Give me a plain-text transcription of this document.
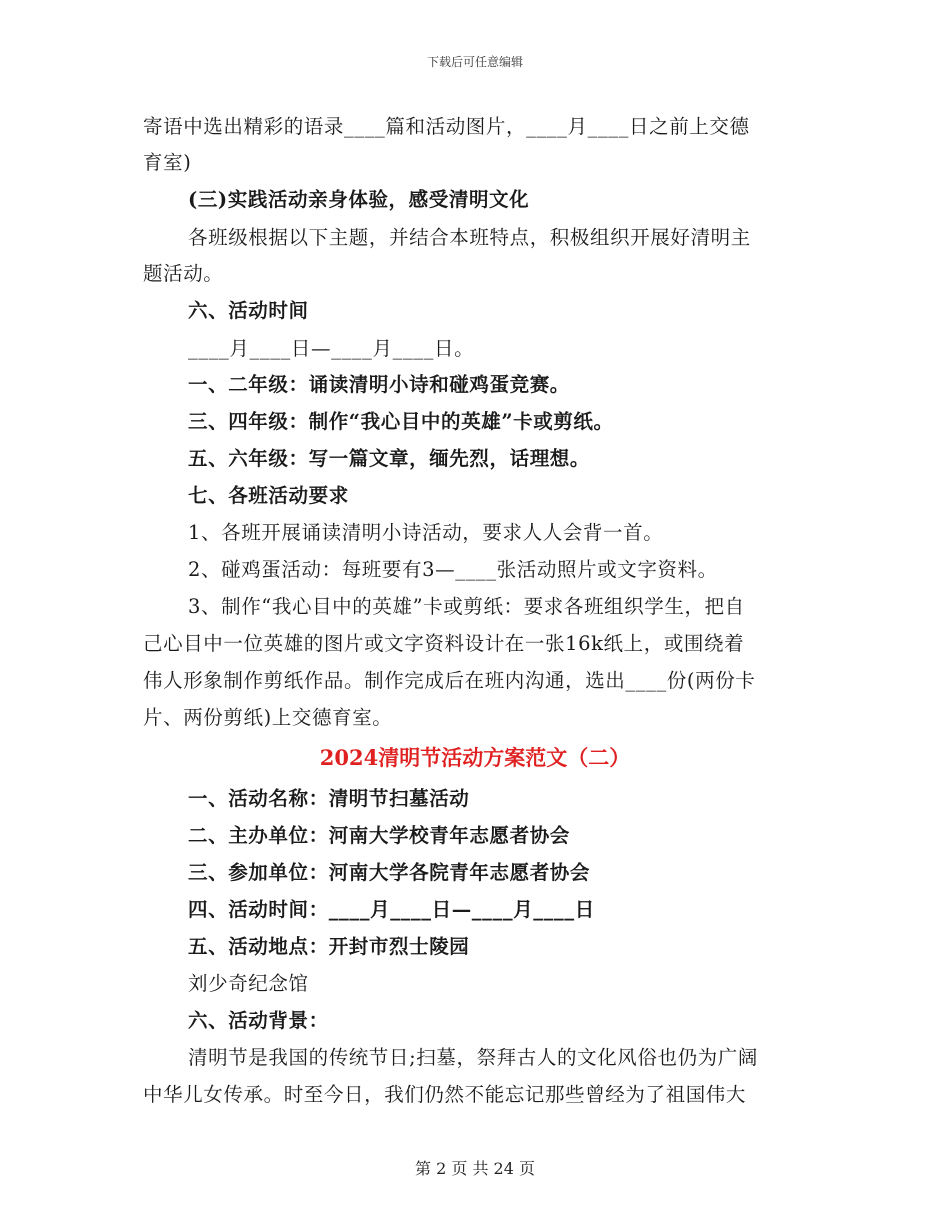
下载后可任意编辑
寄语中选出精彩的语录____篇和活动图片，____月____日之前上交德
育室)
(三)实践活动亲身体验，感受清明文化
各班级根据以下主题，并结合本班特点，积极组织开展好清明主
题活动。
六、活动时间
____月____日—____月____日。
一、二年级：诵读清明小诗和碰鸡蛋竞赛。
三、四年级：制作“我心目中的英雄”卡或剪纸。
五、六年级：写一篇文章，缅先烈，话理想。
七、各班活动要求
1、各班开展诵读清明小诗活动，要求人人会背一首。
2、碰鸡蛋活动：每班要有3—____张活动照片或文字资料。
3、制作“我心目中的英雄”卡或剪纸：要求各班组织学生，把自
己心目中一位英雄的图片或文字资料设计在一张16k纸上，或围绕着
伟人形象制作剪纸作品。制作完成后在班内沟通，选出____份(两份卡
片、两份剪纸)上交德育室。
2024清明节活动方案范文（二）
一、活动名称：清明节扫墓活动
二、主办单位：河南大学校青年志愿者协会
三、参加单位：河南大学各院青年志愿者协会
四、活动时间：____月____日—____月____日
五、活动地点：开封市烈士陵园
刘少奇纪念馆
六、活动背景：
清明节是我国的传统节日;扫墓，祭拜古人的文化风俗也仍为广阔
中华儿女传承。时至今日，我们仍然不能忘记那些曾经为了祖国伟大
第 2 页 共 24 页
